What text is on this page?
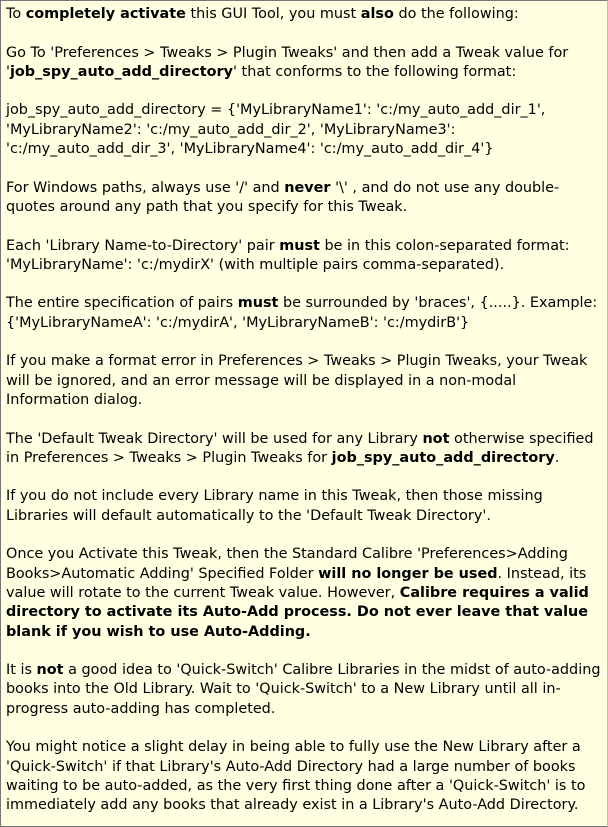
To completely activate this GUI Tool, you must also do the following:

Go To 'Preferences > Tweaks > Plugin Tweaks' and then add a Tweak value for 'job_spy_auto_add_directory' that conforms to the following format:

job_spy_auto_add_directory = {'MyLibraryName1': 'c:/my_auto_add_dir_1', 'MyLibraryName2': 'c:/my_auto_add_dir_2', 'MyLibraryName3': 'c:/my_auto_add_dir_3', 'MyLibraryName4': 'c:/my_auto_add_dir_4'}

For Windows paths, always use '/' and never '\' , and do not use any double-quotes around any path that you specify for this Tweak.

Each 'Library Name-to-Directory' pair must be in this colon-separated format: 'MyLibraryName': 'c:/mydirX' (with multiple pairs comma-separated).

The entire specification of pairs must be surrounded by 'braces', {.....}. Example: {'MyLibraryNameA': 'c:/mydirA', 'MyLibraryNameB': 'c:/mydirB'}

If you make a format error in Preferences > Tweaks > Plugin Tweaks, your Tweak will be ignored, and an error message will be displayed in a non-modal Information dialog.

The 'Default Tweak Directory' will be used for any Library not otherwise specified in Preferences > Tweaks > Plugin Tweaks for job_spy_auto_add_directory.

If you do not include every Library name in this Tweak, then those missing Libraries will default automatically to the 'Default Tweak Directory'.

Once you Activate this Tweak, then the Standard Calibre 'Preferences>Adding Books>Automatic Adding' Specified Folder will no longer be used. Instead, its value will rotate to the current Tweak value. However, Calibre requires a valid directory to activate its Auto-Add process. Do not ever leave that value blank if you wish to use Auto-Adding.

It is not a good idea to 'Quick-Switch' Calibre Libraries in the midst of auto-adding books into the Old Library. Wait to 'Quick-Switch' to a New Library until all in-progress auto-adding has completed.

You might notice a slight delay in being able to fully use the New Library after a 'Quick-Switch' if that Library's Auto-Add Directory had a large number of books waiting to be auto-added, as the very first thing done after a 'Quick-Switch' is to immediately add any books that already exist in a Library's Auto-Add Directory.
